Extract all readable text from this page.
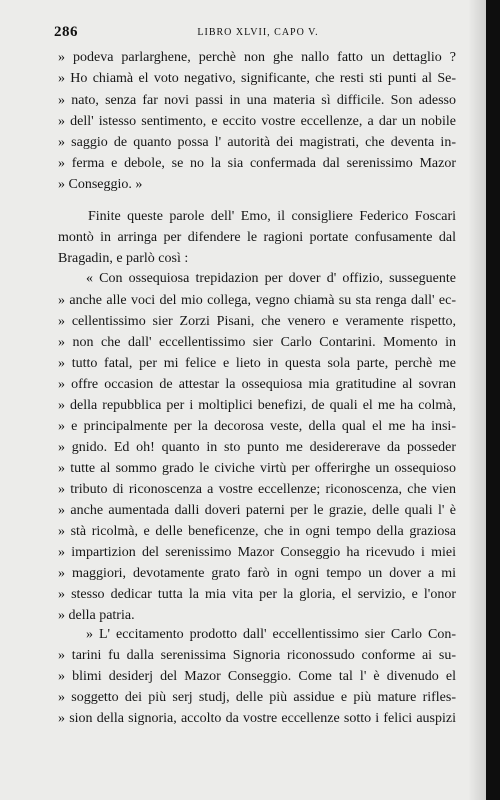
286	LIBRO XLVII, CAPO V.
» podeva parlarghene, perchè non ghe nallo fatto un dettaglio ?
» Ho chiamà el voto negativo, significante, che resti sti punti al Se-
» nato, senza far novi passi in una materia sì difficile. Son adesso
» dell' istesso sentimento, e eccito vostre eccellenze, a dar un nobile
» saggio de quanto possa l' autorità dei magistrati, che deventa in-
» ferma e debole, se no la sia confermada dal serenissimo Mazor
» Conseggio. »
Finite queste parole dell' Emo, il consigliere Federico Foscari
montò in arringa per difendere le ragioni portate confusamente dal
Bragadin, e parlò così :
« Con ossequiosa trepidazion per dover d' offizio, susseguente
» anche alle voci del mio collega, vegno chiamà su sta renga dall' ec-
» cellentissimo sier Zorzi Pisani, che venero e veramente rispetto,
» non che dall' eccellentissimo sier Carlo Contarini. Momento in
» tutto fatal, per mi felice e lieto in questa sola parte, perchè me
» offre occasion de attestar la ossequiosa mia gratitudine al sovran
» della repubblica per i moltiplici benefizi, de quali el me ha colmà,
» e principalmente per la decorosa veste, della qual el me ha insi-
» gnido. Ed oh! quanto in sto punto me desidererave da posseder
» tutte al sommo grado le civiche virtù per offerirghe un ossequioso
» tributo di riconoscenza a vostre eccellenze; riconoscenza, che vien
» anche aumentada dalli doveri paterni per le grazie, delle quali l' è
» stà ricolmà, e delle beneficenze, che in ogni tempo della graziosa
» impartizion del serenissimo Mazor Conseggio ha ricevudo i miei
» maggiori, devotamente grato farò in ogni tempo un dover a mi
» stesso dedicar tutta la mia vita per la gloria, el servizio, e l'onor
» della patria.
» L' eccitamento prodotto dall' eccellentissimo sier Carlo Con-
» tarini fu dalla serenissima Signoria riconossudo conforme ai su-
» blimi desiderj del Mazor Conseggio. Come tal l' è divenudo el
» soggetto dei più serj studj, delle più assidue e più mature rifles-
» sion della signoria, accolto da vostre eccellenze sotto i felici auspizi
